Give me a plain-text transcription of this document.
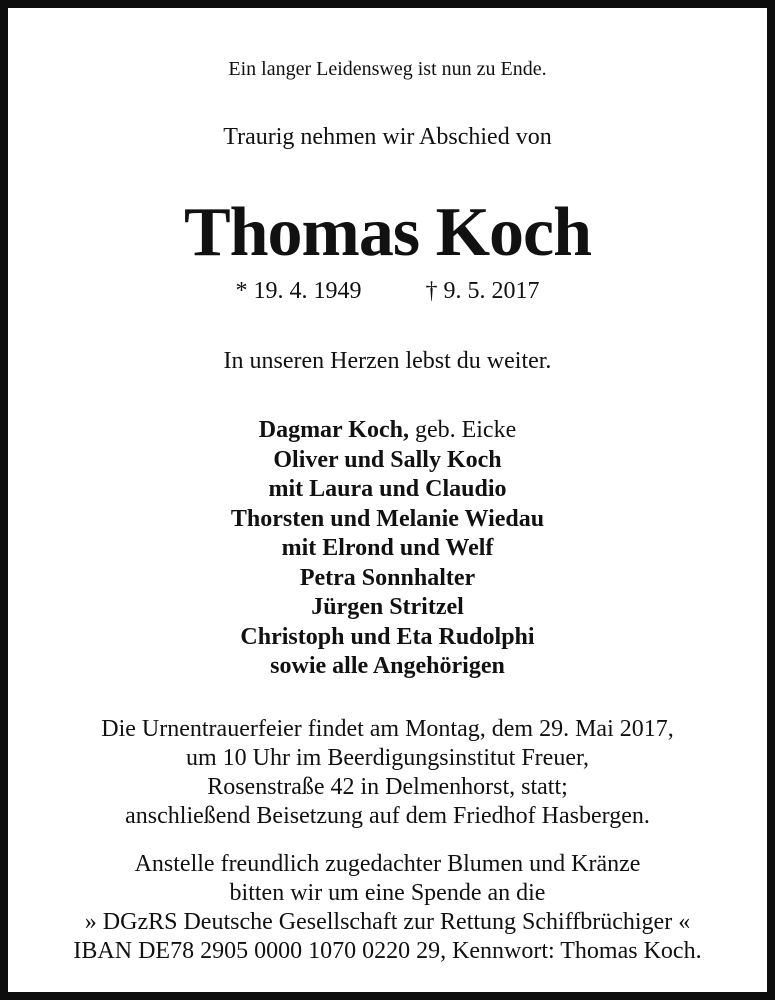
Ein langer Leidensweg ist nun zu Ende.
Traurig nehmen wir Abschied von
Thomas Koch
* 19. 4. 1949	† 9. 5. 2017
In unseren Herzen lebst du weiter.
Dagmar Koch, geb. Eicke
Oliver und Sally Koch
mit Laura und Claudio
Thorsten und Melanie Wiedau
mit Elrond und Welf
Petra Sonnhalter
Jürgen Stritzel
Christoph und Eta Rudolphi
sowie alle Angehörigen
Die Urnentrauerfeier findet am Montag, dem 29. Mai 2017,
um 10 Uhr im Beerdigungsinstitut Freuer,
Rosenstraße 42 in Delmenhorst, statt;
anschließend Beisetzung auf dem Friedhof Hasbergen.
Anstelle freundlich zugedachter Blumen und Kränze
bitten wir um eine Spende an die
» DGzRS Deutsche Gesellschaft zur Rettung Schiffbrüchiger «
IBAN DE78 2905 0000 1070 0220 29, Kennwort: Thomas Koch.
